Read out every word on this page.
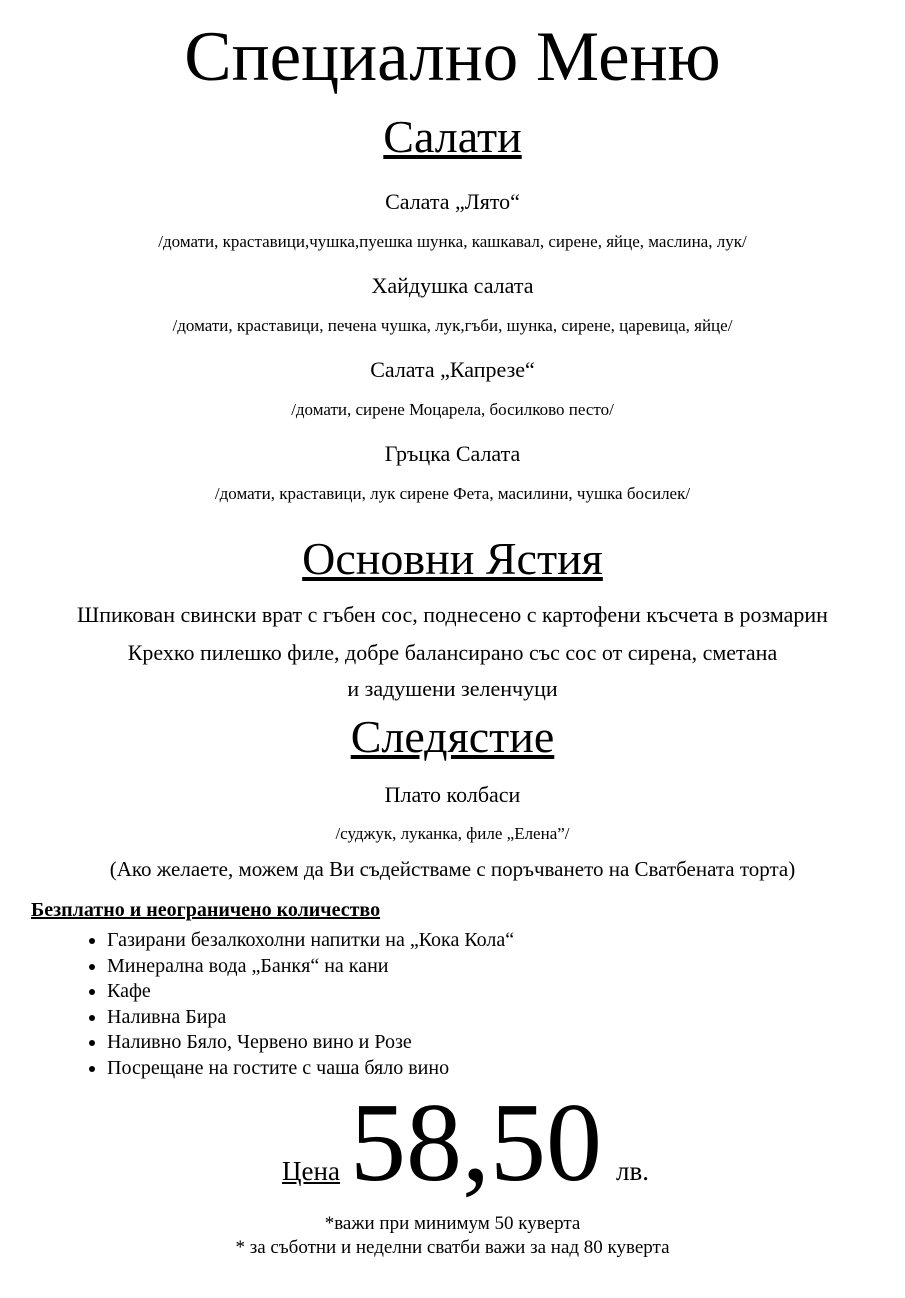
Специално Меню
Салати
Салата „Лято“
/домати, краставици,чушка,пуешка шунка, кашкавал, сирене, яйце, маслина, лук/
Хайдушка салата
/домати, краставици, печена чушка, лук,гъби, шунка, сирене, царевица, яйце/
Салата „Капрезе“
/домати, сирене Моцарела, босилково песто/
Гръцка Салата
/домати, краставици, лук сирене Фета, масилини, чушка босилек/
Основни Ястия
Шпикован свински врат с гъбен сос, поднесено с картофени късчета в розмарин
Крехко пилешко филе, добре балансирано със сос от сирена, сметана
и задушени зеленчуци
Следястие
Плато колбаси
/суджук, луканка, филе „Елена”/
(Ако желаете, можем да Ви съдействаме с поръчването на Сватбената торта)
Безплатно и неограничено количество
• Газирани безалкохолни напитки на „Кока Кола“
• Минерална вода „Банкя“ на кани
• Кафе
• Наливна Бира
• Наливно Бяло, Червено вино и Розе
• Посрещане на гостите с чаша бяло вино
Цена 58,50 лв.
*важи при минимум 50 куверта
* за съботни и неделни сватби важи за над 80 куверта
